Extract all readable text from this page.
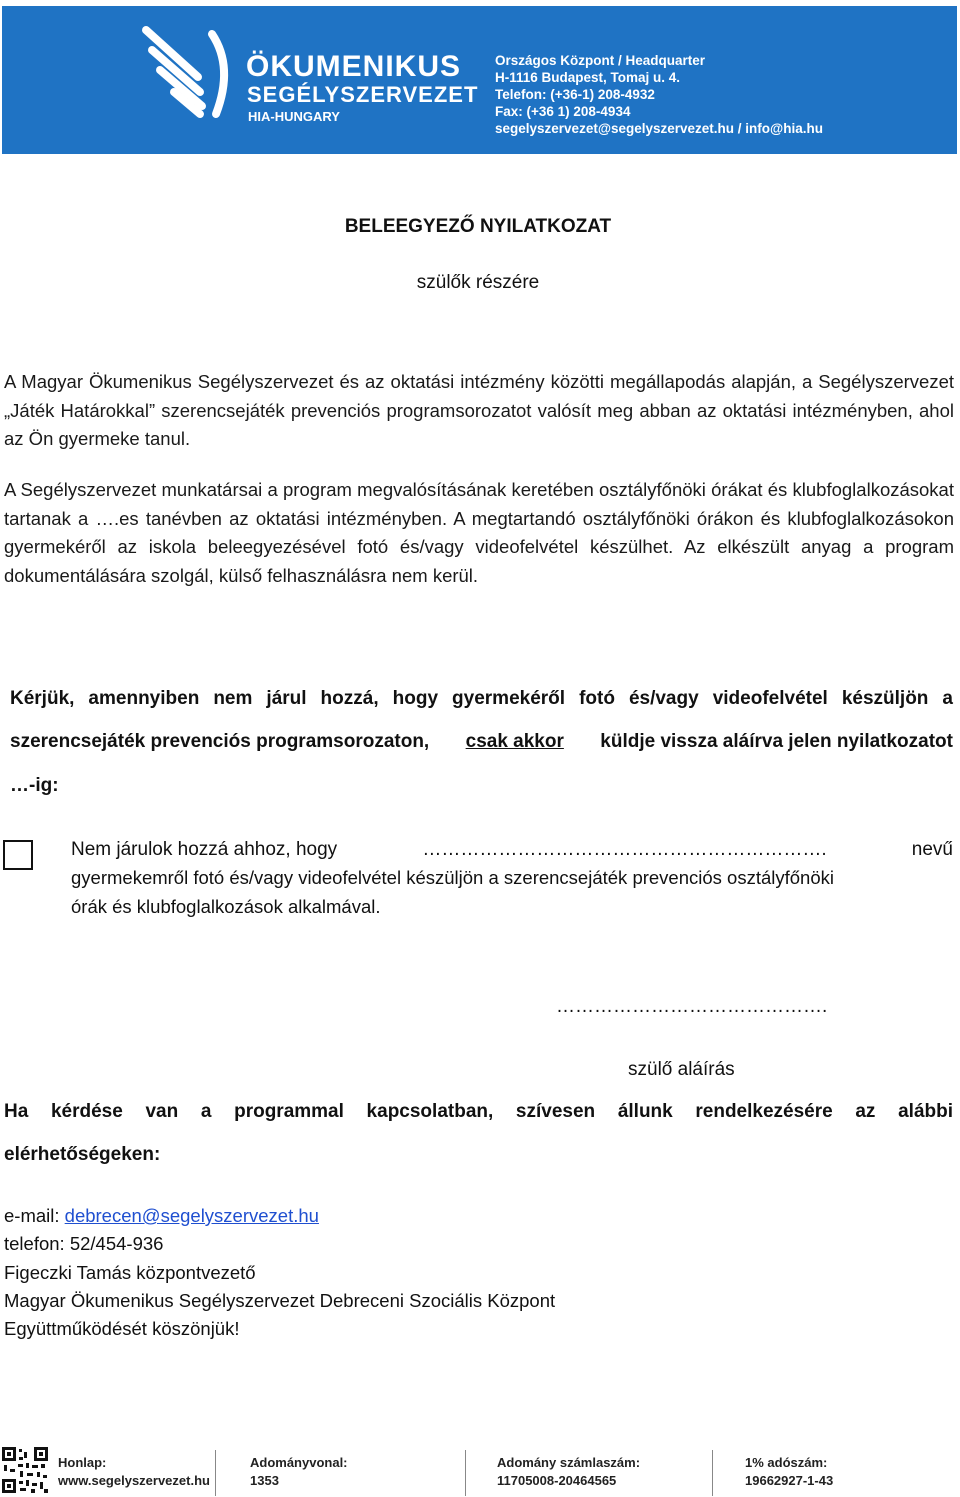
ÖKUMENIKUS
SEGÉLYSZERVEZET
HIA-HUNGARY
Országos Központ / Headquarter
H-1116 Budapest, Tomaj u. 4.
Telefon: (+36-1) 208-4932
Fax: (+36 1) 208-4934
segelyszervezet@segelyszervezet.hu / info@hia.hu
BELEEGYEZŐ NYILATKOZAT
szülők részére
A Magyar Ökumenikus Segélyszervezet és az oktatási intézmény közötti megállapodás alapján, a Segélyszervezet „Játék Határokkal” szerencsejáték prevenciós programsorozatot valósít meg abban az oktatási intézményben, ahol az Ön gyermeke tanul.
A Segélyszervezet munkatársai a program megvalósításának keretében osztályfőnöki órákat és klubfoglalkozásokat tartanak a ….es tanévben az oktatási intézményben. A megtartandó osztályfőnöki órákon és klubfoglalkozásokon gyermekéről az iskola beleegyezésével fotó és/vagy videofelvétel készülhet. Az elkészült anyag a program dokumentálására szolgál, külső felhasználásra nem kerül.
Kérjük, amennyiben nem járul hozzá, hogy gyermekéről fotó és/vagy videofelvétel készüljön a
szerencsejáték prevenciós programsorozaton, csak akkor küldje vissza aláírva jelen nyilatkozatot
…-ig:
Nem járulok hozzá ahhoz, hogy	……………………………………………………….	nevű
gyermekemről fotó és/vagy videofelvétel készüljön a szerencsejáték prevenciós osztályfőnöki
órák és klubfoglalkozások alkalmával.
…………………………………….
szülő aláírás
Ha kérdése van a programmal kapcsolatban, szívesen állunk rendelkezésére az alábbi
elérhetőségeken:
e-mail: debrecen@segelyszervezet.hu
telefon: 52/454-936
Figeczki Tamás központvezető
Magyar Ökumenikus Segélyszervezet Debreceni Szociális Központ
Együttműködését köszönjük!
Honlap:
www.segelyszervezet.hu
Adományvonal:
1353
Adomány számlaszám:
11705008-20464565
1% adószám:
19662927-1-43
